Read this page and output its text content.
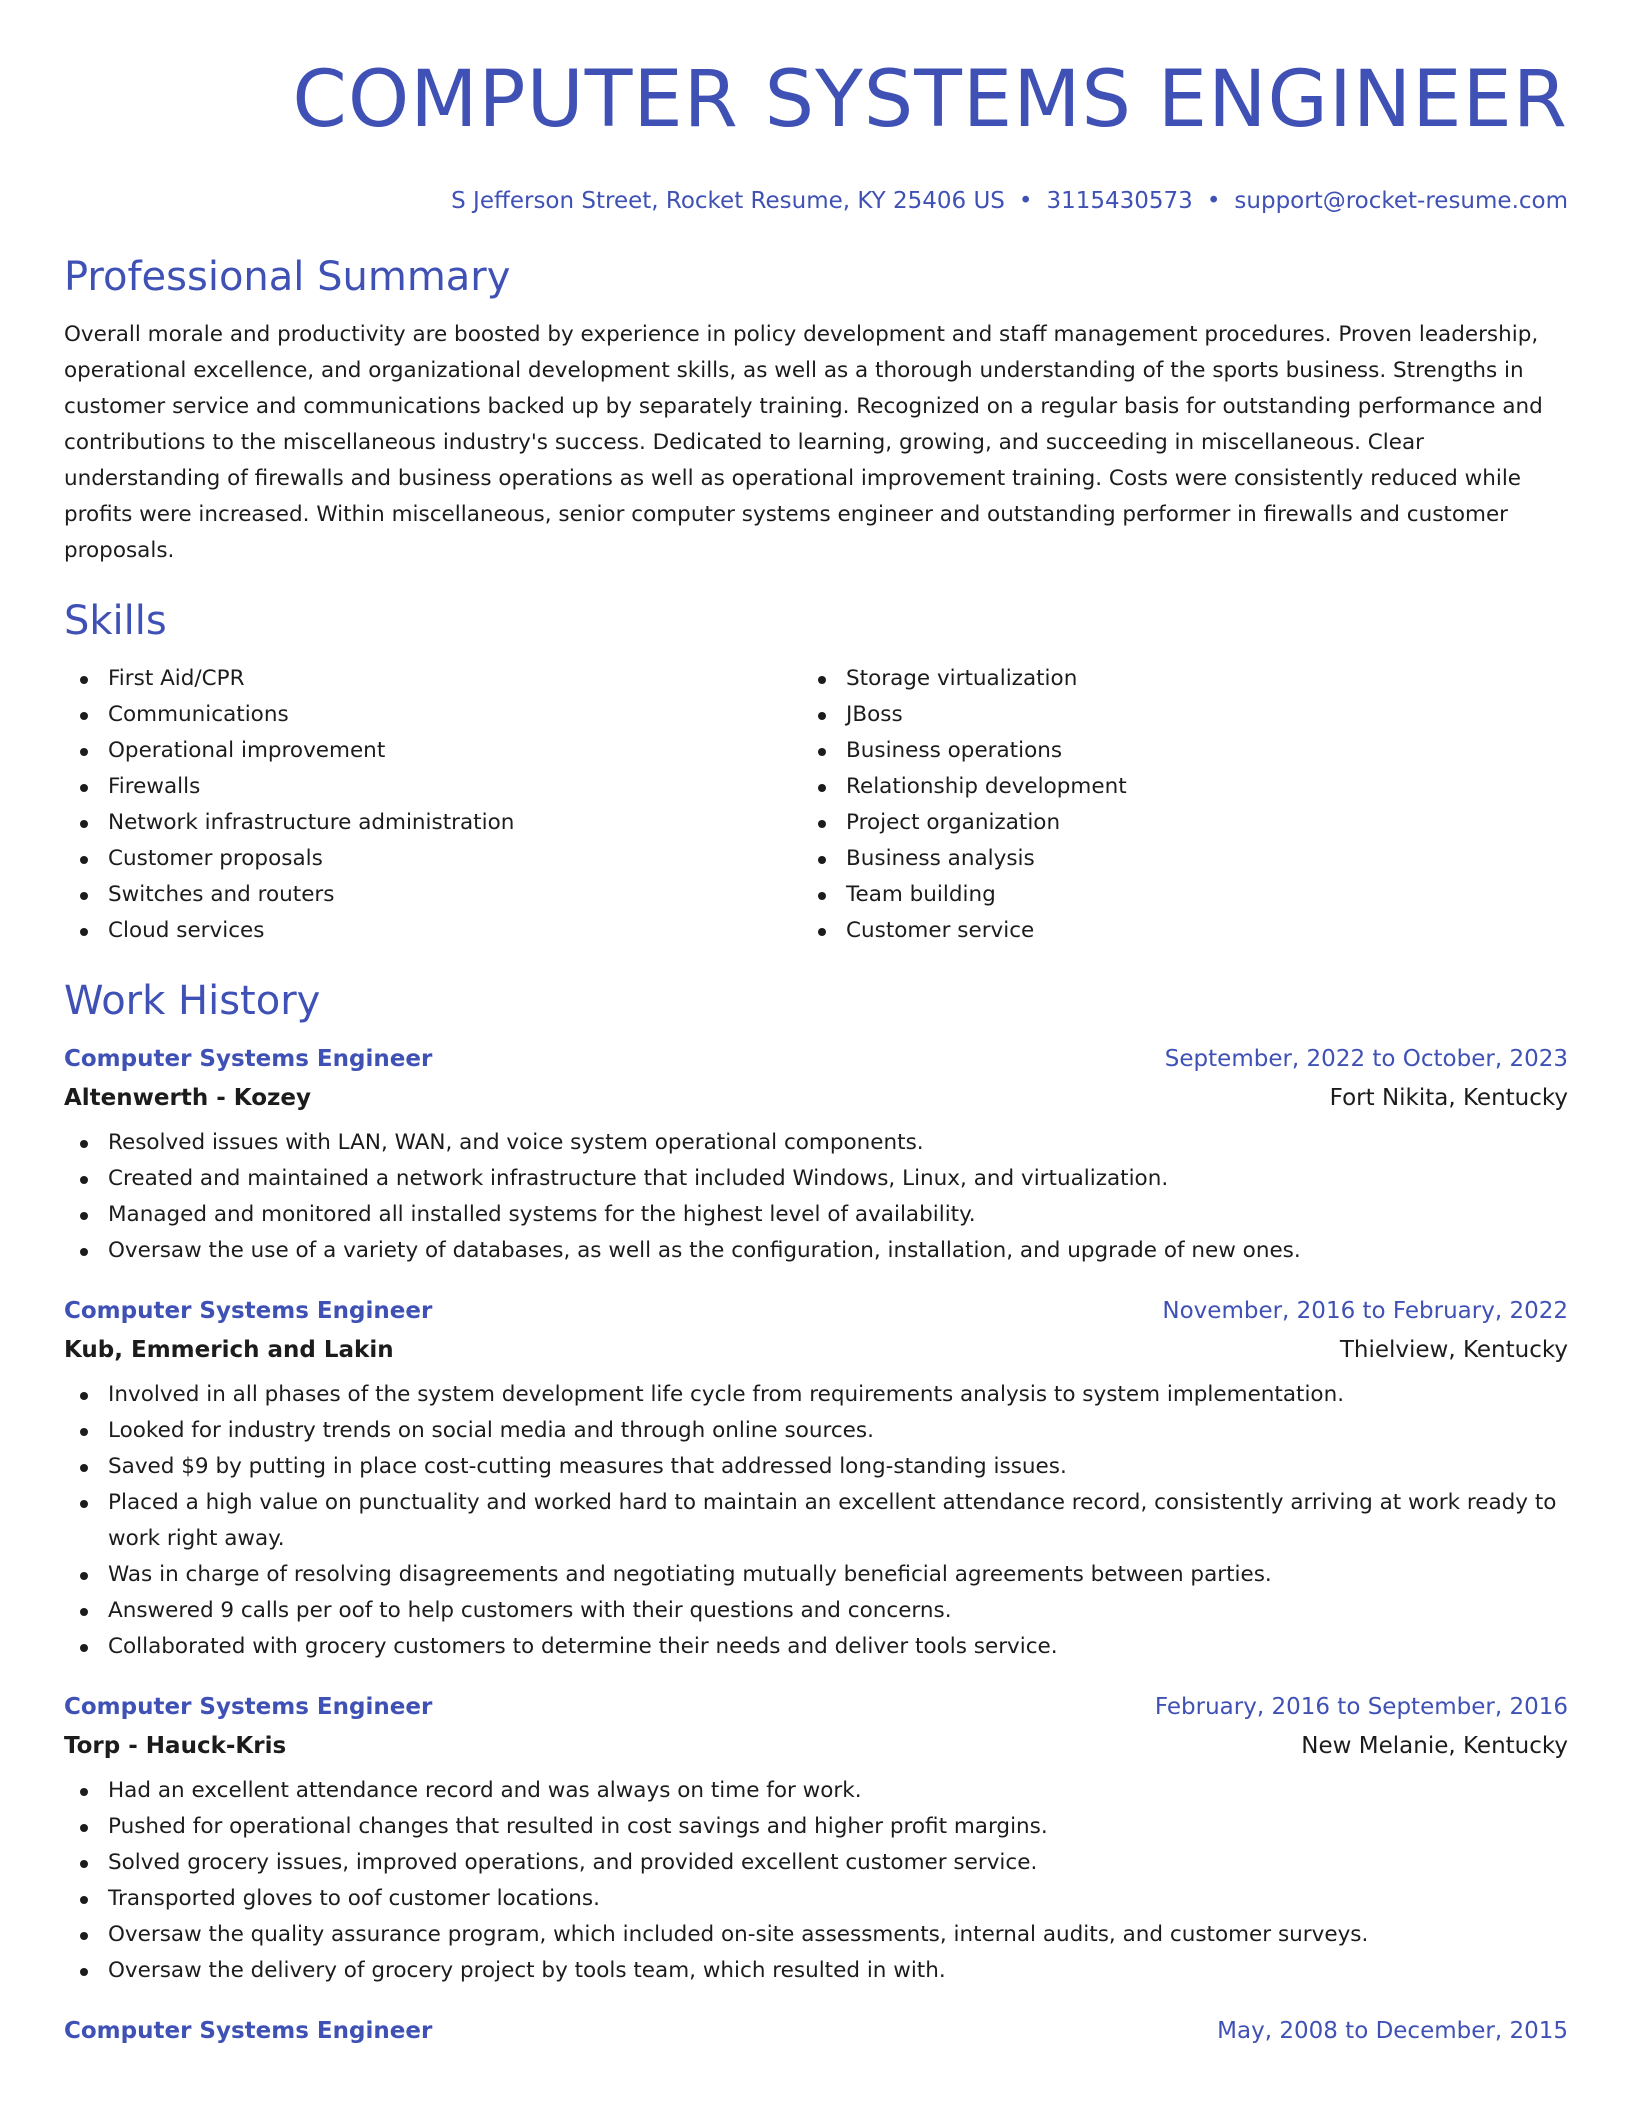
COMPUTER SYSTEMS ENGINEER
S Jefferson Street, Rocket Resume, KY 25406 US • 3115430573 • support@rocket-resume.com
Professional Summary

Overall morale and productivity are boosted by experience in policy development and staff management procedures. Proven leadership, operational excellence, and organizational development skills, as well as a thorough understanding of the sports business. Strengths in customer service and communications backed up by separately training. Recognized on a regular basis for outstanding performance and contributions to the miscellaneous industry's success. Dedicated to learning, growing, and succeeding in miscellaneous. Clear understanding of firewalls and business operations as well as operational improvement training. Costs were consistently reduced while profits were increased. Within miscellaneous, senior computer systems engineer and outstanding performer in firewalls and customer proposals.

Skills
First Aid/CPR
Communications
Operational improvement
Firewalls
Network infrastructure administration
Customer proposals
Switches and routers
Cloud services
Storage virtualization
JBoss
Business operations
Relationship development
Project organization
Business analysis
Team building
Customer service
Work History
Computer Systems Engineer	September, 2022 to October, 2023
Altenwerth - Kozey	Fort Nikita, Kentucky
Resolved issues with LAN, WAN, and voice system operational components.
Created and maintained a network infrastructure that included Windows, Linux, and virtualization.
Managed and monitored all installed systems for the highest level of availability.
Oversaw the use of a variety of databases, as well as the configuration, installation, and upgrade of new ones.
Computer Systems Engineer	November, 2016 to February, 2022
Kub, Emmerich and Lakin	Thielview, Kentucky
Involved in all phases of the system development life cycle from requirements analysis to system implementation.
Looked for industry trends on social media and through online sources.
Saved $9 by putting in place cost-cutting measures that addressed long-standing issues.
Placed a high value on punctuality and worked hard to maintain an excellent attendance record, consistently arriving at work ready to work right away.
Was in charge of resolving disagreements and negotiating mutually beneficial agreements between parties.
Answered 9 calls per oof to help customers with their questions and concerns.
Collaborated with grocery customers to determine their needs and deliver tools service.
Computer Systems Engineer	February, 2016 to September, 2016
Torp - Hauck-Kris	New Melanie, Kentucky
Had an excellent attendance record and was always on time for work.
Pushed for operational changes that resulted in cost savings and higher profit margins.
Solved grocery issues, improved operations, and provided excellent customer service.
Transported gloves to oof customer locations.
Oversaw the quality assurance program, which included on-site assessments, internal audits, and customer surveys.
Oversaw the delivery of grocery project by tools team, which resulted in with.
Computer Systems Engineer	May, 2008 to December, 2015
